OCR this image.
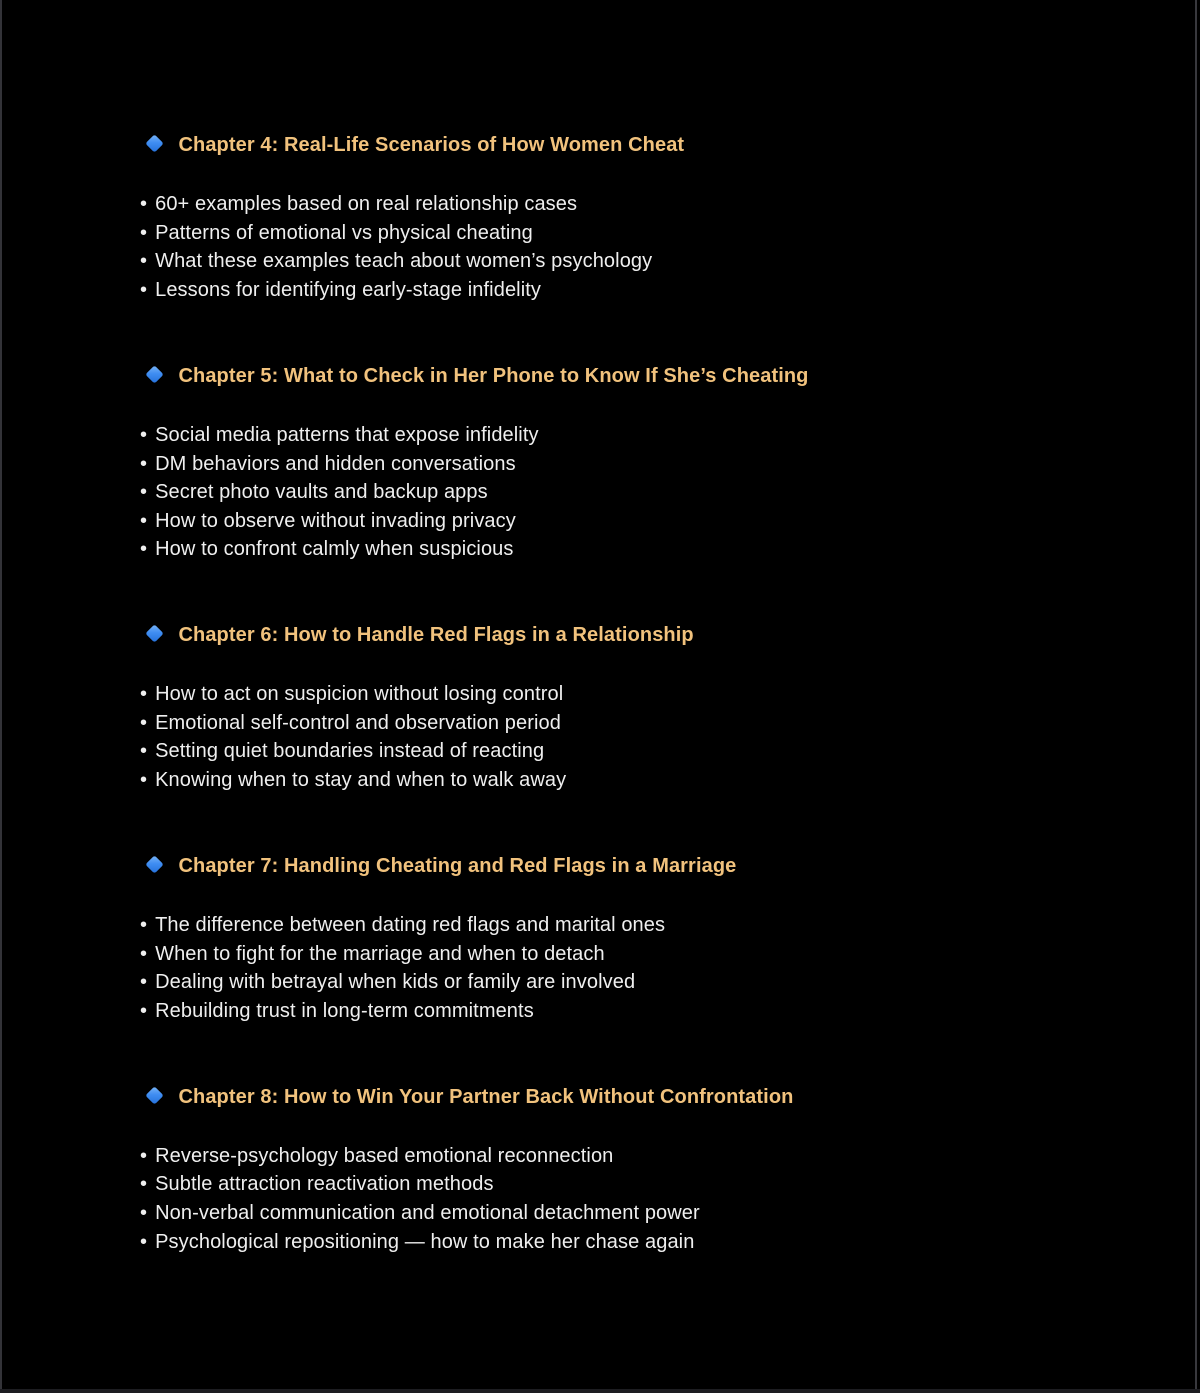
Chapter 4: Real-Life Scenarios of How Women Cheat
• 60+ examples based on real relationship cases
• Patterns of emotional vs physical cheating
• What these examples teach about women’s psychology
• Lessons for identifying early-stage infidelity
Chapter 5: What to Check in Her Phone to Know If She’s Cheating
• Social media patterns that expose infidelity
• DM behaviors and hidden conversations
• Secret photo vaults and backup apps
• How to observe without invading privacy
• How to confront calmly when suspicious
Chapter 6: How to Handle Red Flags in a Relationship
• How to act on suspicion without losing control
• Emotional self-control and observation period
• Setting quiet boundaries instead of reacting
• Knowing when to stay and when to walk away
Chapter 7: Handling Cheating and Red Flags in a Marriage
• The difference between dating red flags and marital ones
• When to fight for the marriage and when to detach
• Dealing with betrayal when kids or family are involved
• Rebuilding trust in long-term commitments
Chapter 8: How to Win Your Partner Back Without Confrontation
• Reverse-psychology based emotional reconnection
• Subtle attraction reactivation methods
• Non-verbal communication and emotional detachment power
• Psychological repositioning — how to make her chase again
